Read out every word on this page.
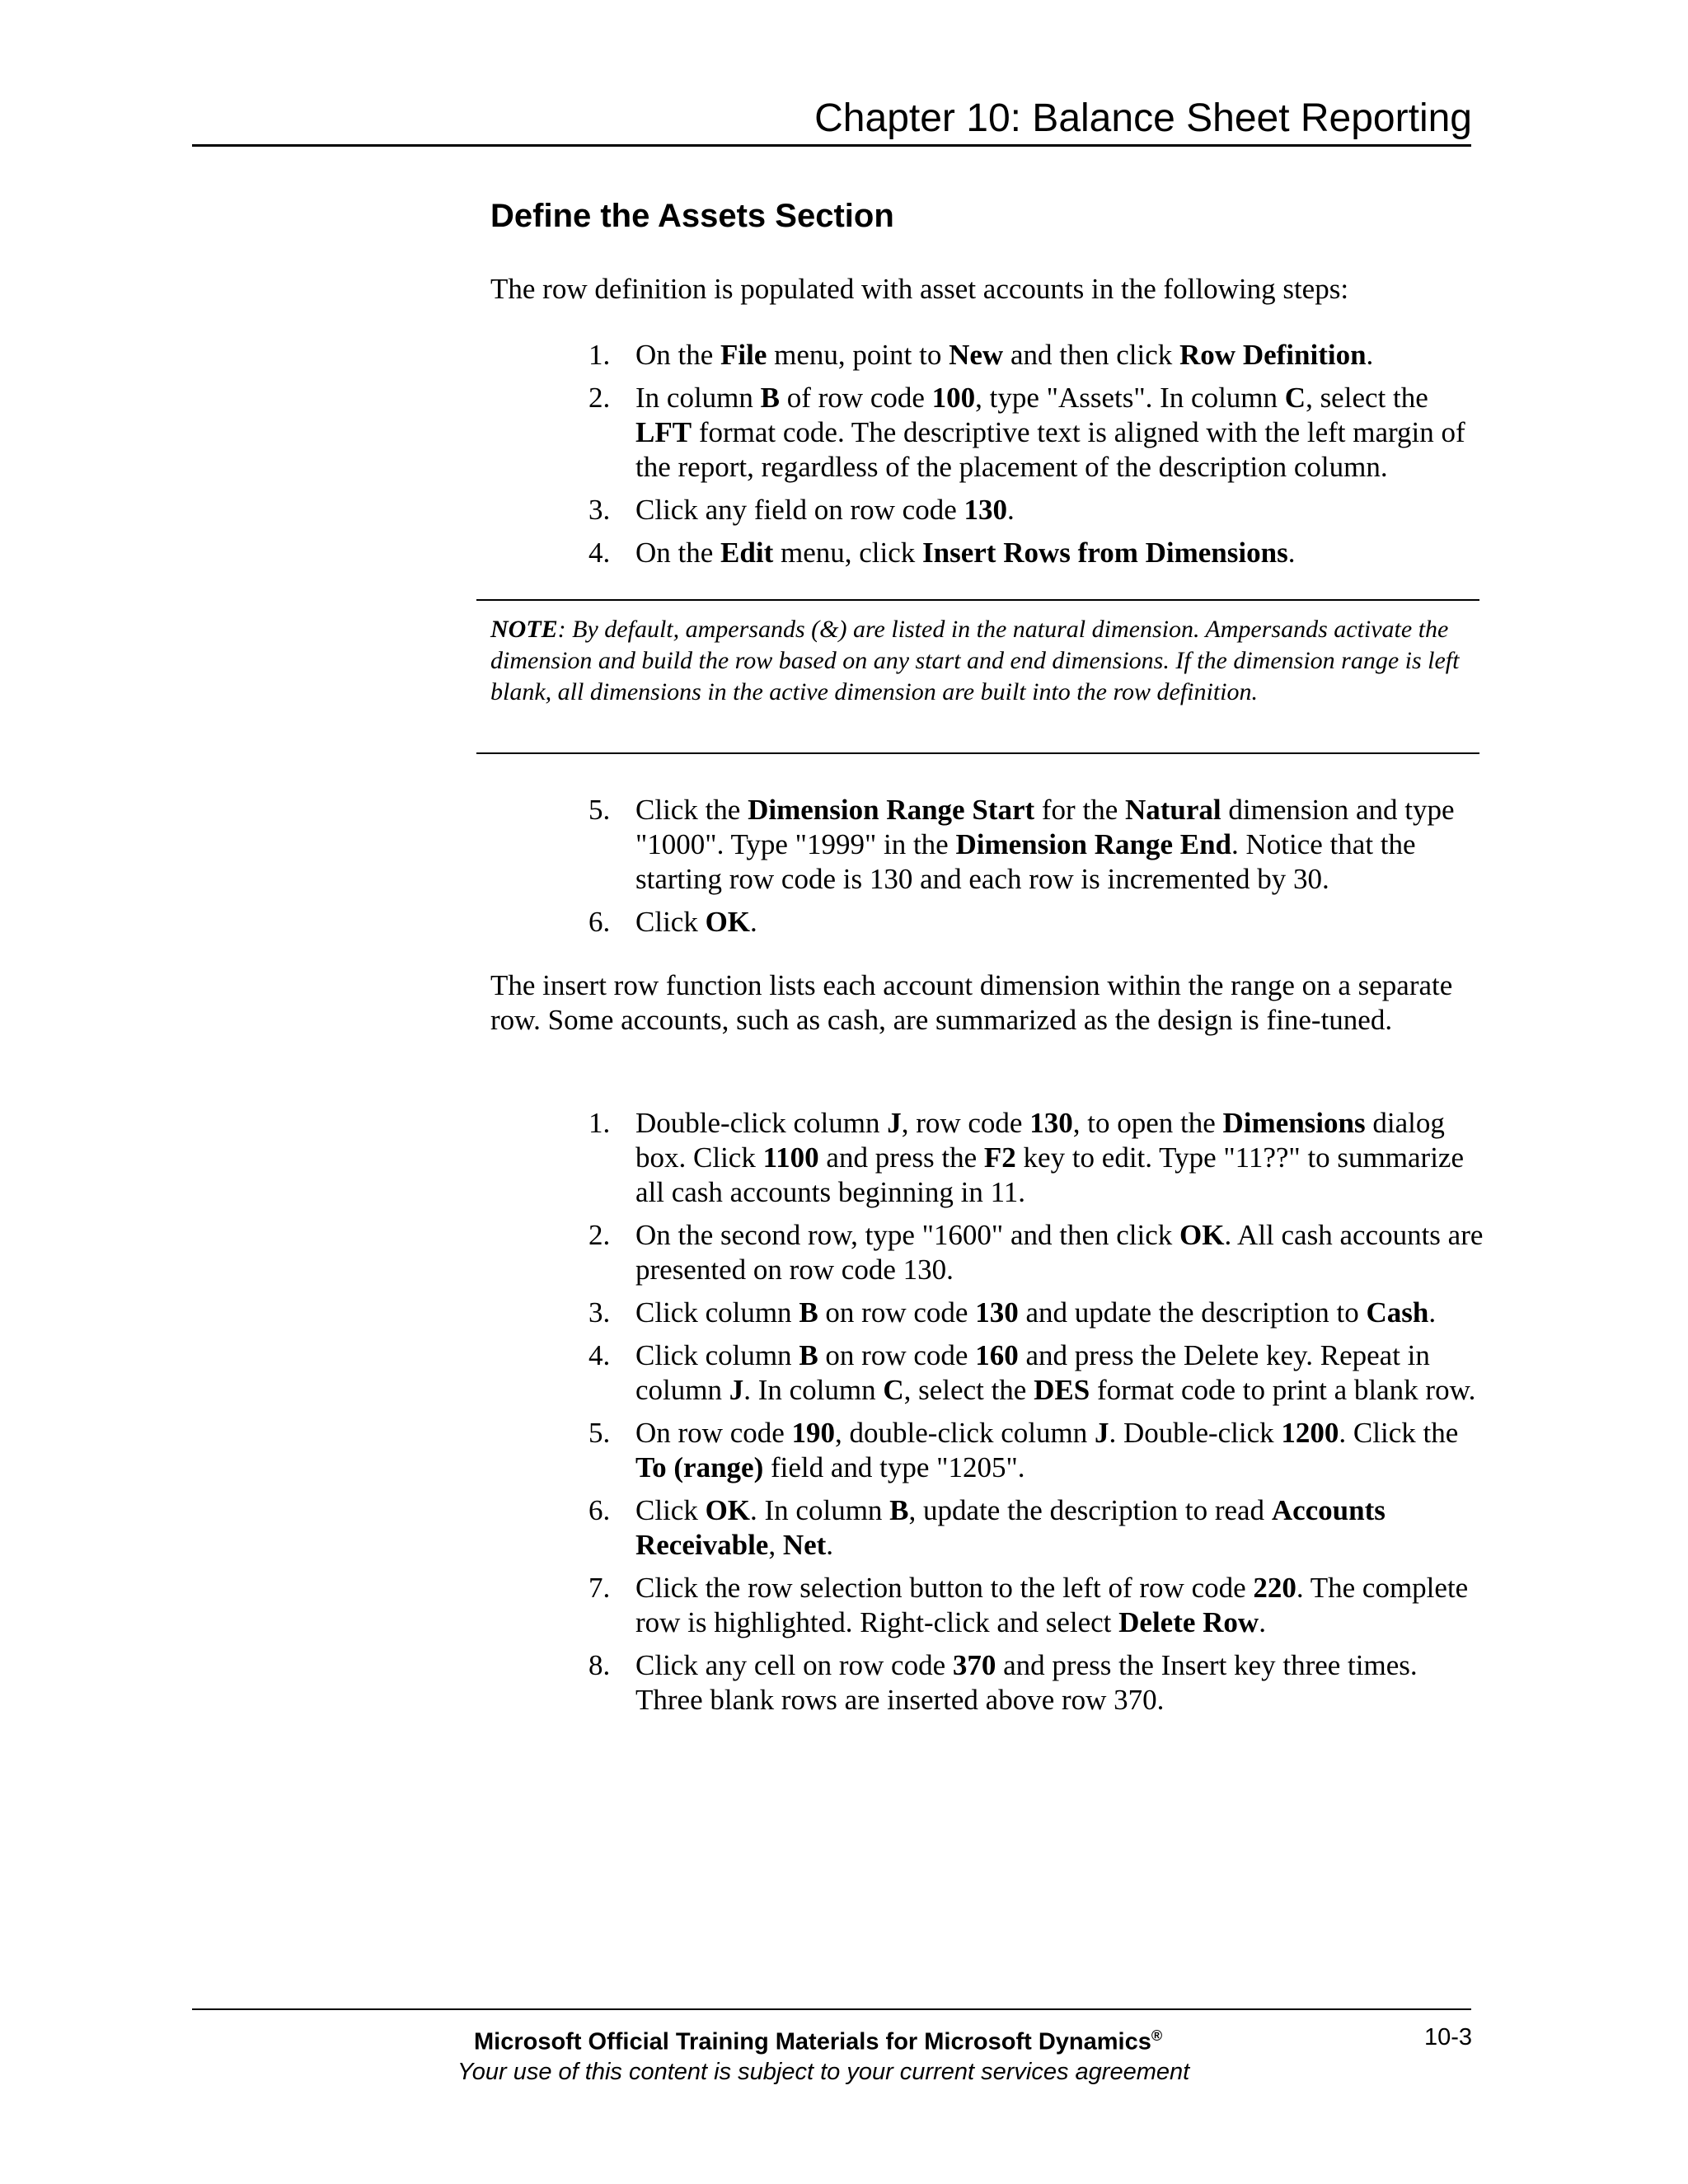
Chapter 10: Balance Sheet Reporting
Define the Assets Section
The row definition is populated with asset accounts in the following steps:
1. On the File menu, point to New and then click Row Definition.
2. In column B of row code 100, type "Assets". In column C, select the LFT format code. The descriptive text is aligned with the left margin of the report, regardless of the placement of the description column.
3. Click any field on row code 130.
4. On the Edit menu, click Insert Rows from Dimensions.
NOTE: By default, ampersands (&) are listed in the natural dimension. Ampersands activate the dimension and build the row based on any start and end dimensions. If the dimension range is left blank, all dimensions in the active dimension are built into the row definition.
5. Click the Dimension Range Start for the Natural dimension and type "1000". Type "1999" in the Dimension Range End. Notice that the starting row code is 130 and each row is incremented by 30.
6. Click OK.
The insert row function lists each account dimension within the range on a separate row. Some accounts, such as cash, are summarized as the design is fine-tuned.
1. Double-click column J, row code 130, to open the Dimensions dialog box. Click 1100 and press the F2 key to edit. Type "11??" to summarize all cash accounts beginning in 11.
2. On the second row, type "1600" and then click OK. All cash accounts are presented on row code 130.
3. Click column B on row code 130 and update the description to Cash.
4. Click column B on row code 160 and press the Delete key. Repeat in column J. In column C, select the DES format code to print a blank row.
5. On row code 190, double-click column J. Double-click 1200. Click the To (range) field and type "1205".
6. Click OK. In column B, update the description to read Accounts Receivable, Net.
7. Click the row selection button to the left of row code 220. The complete row is highlighted. Right-click and select Delete Row.
8. Click any cell on row code 370 and press the Insert key three times. Three blank rows are inserted above row 370.
Microsoft Official Training Materials for Microsoft Dynamics®
Your use of this content is subject to your current services agreement
10-3
